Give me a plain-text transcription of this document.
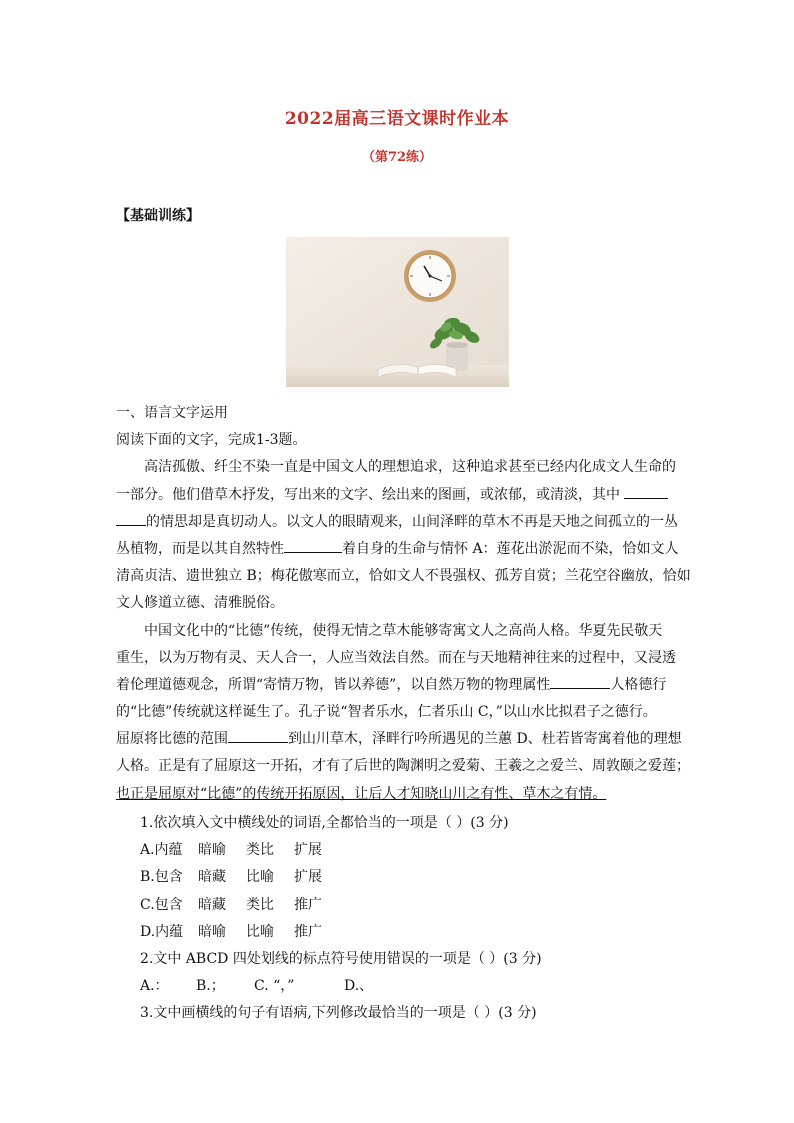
2022届高三语文课时作业本
（第72练）
【基础训练】
一、语言文字运用
阅读下面的文字，完成1-3题。
高洁孤傲、纤尘不染一直是中国文人的理想追求，这种追求甚至已经内化成文人生命的
一部分。他们借草木抒发，写出来的文字、绘出来的图画，或浓郁，或清淡，其中
的情思却是真切动人。以文人的眼睛观来，山间泽畔的草木不再是天地之间孤立的一丛
丛植物，而是以其自然特性	着自身的生命与情怀 A：莲花出淤泥而不染，恰如文人
清高贞洁、遗世独立 B；梅花傲寒而立，恰如文人不畏强权、孤芳自赏；兰花空谷幽放，恰如
文人修道立德、清雅脱俗。
中国文化中的“比德”传统，使得无情之草木能够寄寓文人之高尚人格。华夏先民敬天
重生，以为万物有灵、天人合一，人应当效法自然。而在与天地精神往来的过程中，又浸透
着伦理道德观念，所谓“寄情万物，皆以养德”，以自然万物的物理属性	人格德行
的“比德”传统就这样诞生了。孔子说“智者乐水，仁者乐山 C，”以山水比拟君子之德行。
屈原将比德的范围	到山川草木，泽畔行吟所遇见的兰蕙 D、杜若皆寄寓着他的理想
人格。正是有了屈原这一开拓，才有了后世的陶渊明之爱菊、王羲之之爱兰、周敦颐之爱莲；
也正是屈原对“比德”的传统开拓原因，让后人才知晓山川之有性、草木之有情。
1.依次填入文中横线处的词语,全都恰当的一项是（ ）(3 分)
A.内蕴 暗喻 类比 扩展
B.包含 暗藏 比喻 扩展
C.包含 暗藏 类比 推广
D.内蕴 暗喻 比喻 推广
2.文中 ABCD 四处划线的标点符号使用错误的一项是（ ）(3 分)
A.： B.； C. “，”	D.、
3.文中画横线的句子有语病,下列修改最恰当的一项是（ ）(3 分)
